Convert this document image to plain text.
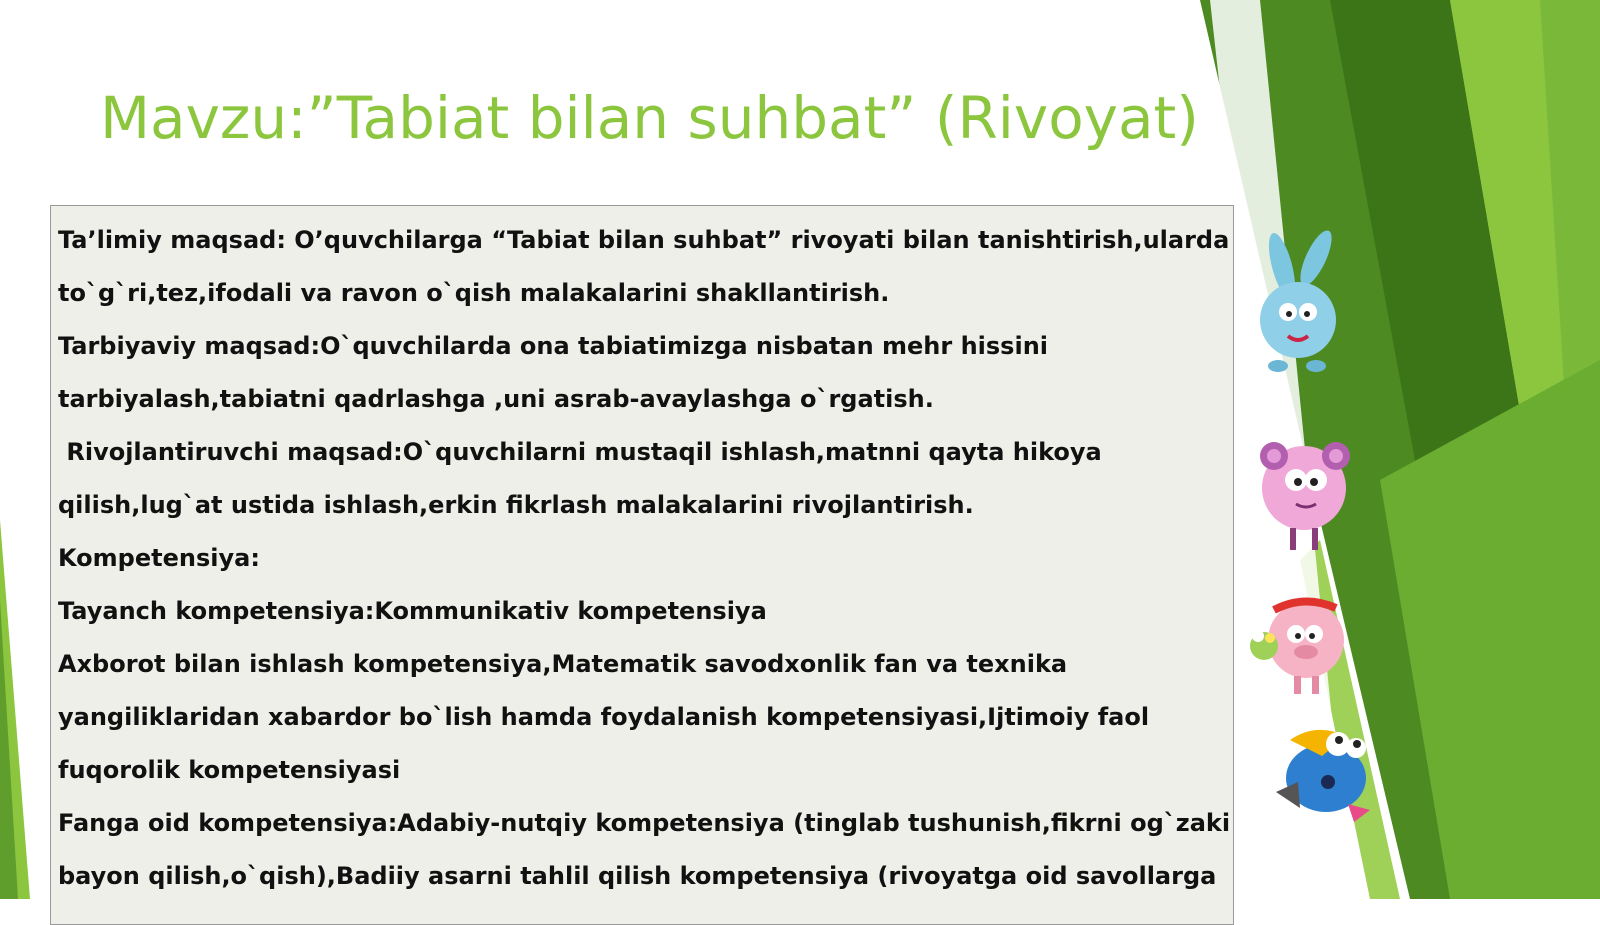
Mavzu:”Tabiat bilan suhbat” (Rivoyat)
Ta’limiy maqsad: O’quvchilarga “Tabiat bilan suhbat” rivoyati bilan tanishtirish,ularda
to`g`ri,tez,ifodali va ravon o`qish malakalarini shakllantirish.
Tarbiyaviy maqsad:O`quvchilarda ona tabiatimizga nisbatan mehr hissini
tarbiyalash,tabiatni qadrlashga ,uni asrab-avaylashga o`rgatish.
Rivojlantiruvchi maqsad:O`quvchilarni mustaqil ishlash,matnni qayta hikoya
qilish,lug`at ustida ishlash,erkin fikrlash malakalarini rivojlantirish.
Kompetensiya:
Tayanch kompetensiya:Kommunikativ kompetensiya
Axborot bilan ishlash kompetensiya,Matematik savodxonlik fan va texnika
yangiliklaridan xabardor bo`lish hamda foydalanish kompetensiyasi,Ijtimoiy faol
fuqorolik kompetensiyasi
Fanga oid kompetensiya:Adabiy-nutqiy kompetensiya (tinglab tushunish,fikrni og`zaki
bayon qilish,o`qish),Badiiy asarni tahlil qilish kompetensiya (rivoyatga oid savollarga
